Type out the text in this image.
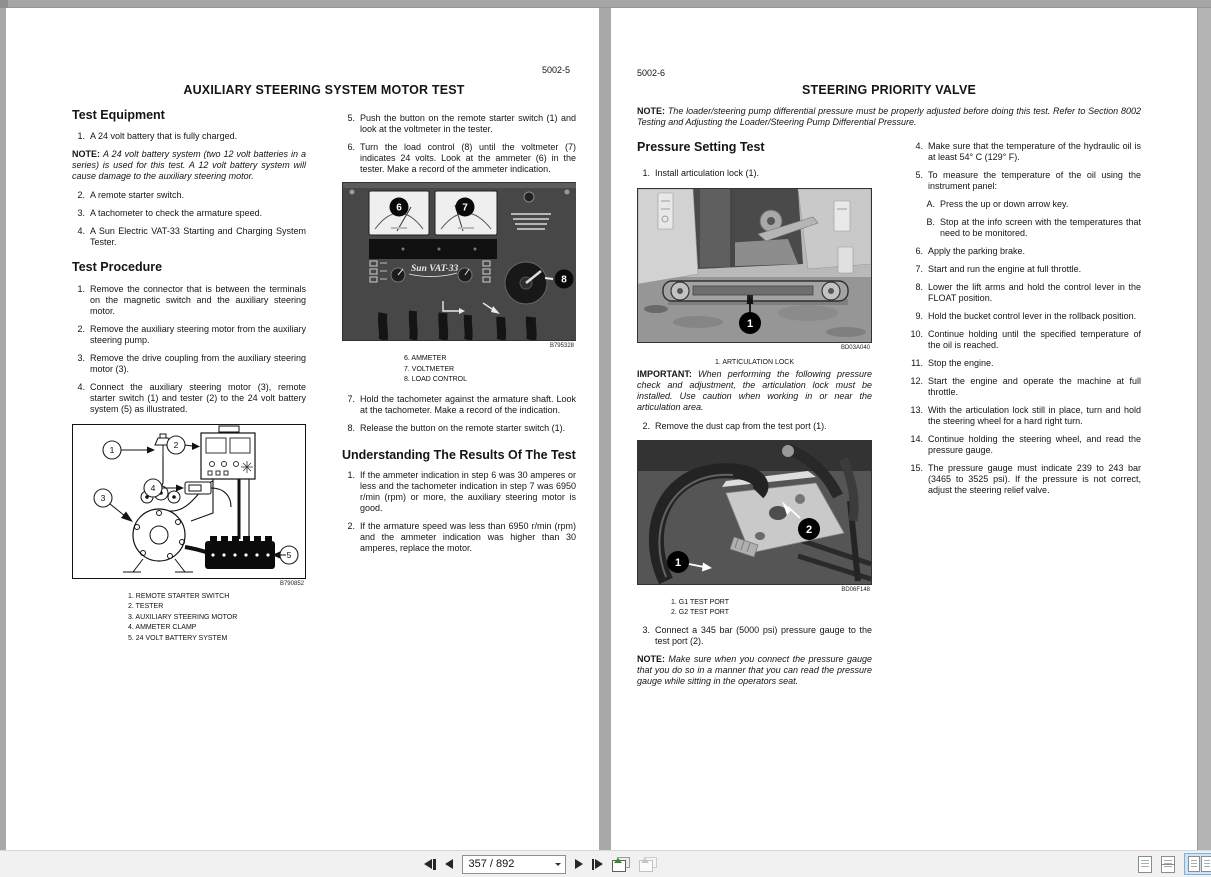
5002-5
AUXILIARY STEERING SYSTEM MOTOR TEST
Test Equipment
1. A 24 volt battery that is fully charged.

NOTE: A 24 volt battery system (two 12 volt batteries in a series) is used for this test. A 12 volt battery system will cause damage to the auxiliary steering motor.

2. A remote starter switch.
3. A tachometer to check the armature speed.
4. A Sun Electric VAT-33 Starting and Charging System Tester.
Test Procedure
1. Remove the connector that is between the terminals on the magnetic switch and the auxiliary steering motor.
2. Remove the auxiliary steering motor from the auxiliary steering pump.
3. Remove the drive coupling from the auxiliary steering motor (3).
4. Connect the auxiliary steering motor (3), remote starter switch (1) and tester (2) to the 24 volt battery system (5) as illustrated.
1	2
3
4
5
B790852
1. REMOTE STARTER SWITCH
2. TESTER
3. AUXILIARY STEERING MOTOR
4. AMMETER CLAMP
5. 24 VOLT BATTERY SYSTEM
5. Push the button on the remote starter switch (1) and look at the voltmeter in the tester.
6. Turn the load control (8) until the voltmeter (7) indicates 24 volts. Look at the ammeter (6) in the tester. Make a record of the ammeter indication.
Sun VAT-33
6	7
8
B795328
6. AMMETER
7. VOLTMETER
8. LOAD CONTROL
7. Hold the tachometer against the armature shaft. Look at the tachometer. Make a record of the indication.
8. Release the button on the remote starter switch (1).
Understanding The Results Of The Test
1. If the ammeter indication in step 6 was 30 amperes or less and the tachometer indication in step 7 was 6950 r/min (rpm) or more, the auxiliary steering motor is good.
2. If the armature speed was less than 6950 r/min (rpm) and the ammeter indication was higher than 30 amperes, replace the motor.
5002-6
STEERING PRIORITY VALVE
NOTE: The loader/steering pump differential pressure must be properly adjusted before doing this test. Refer to Section 8002 Testing and Adjusting the Loader/Steering Pump Differential Pressure.
Pressure Setting Test
1. Install articulation lock (1).
1
BD03A040
1. ARTICULATION LOCK

IMPORTANT: When performing the following pressure check and adjustment, the articulation lock must be installed. Use caution when working in or near the articulation area.

2. Remove the dust cap from the test port (1).
2
1
BD06F148
1. G1 TEST PORT
2. G2 TEST PORT
3. Connect a 345 bar (5000 psi) pressure gauge to the test port (2).

NOTE: Make sure when you connect the pressure gauge that you do so in a manner that you can read the pressure gauge while sitting in the operators seat.

4. Make sure that the temperature of the hydraulic oil is at least 54° C (129° F).
5. To measure the temperature of the oil using the instrument panel:
A. Press the up or down arrow key.
B. Stop at the info screen with the temperatures that need to be monitored.
6. Apply the parking brake.
7. Start and run the engine at full throttle.
8. Lower the lift arms and hold the control lever in the FLOAT position.
9. Hold the bucket control lever in the rollback position.
10. Continue holding until the specified temperature of the oil is reached.
11. Stop the engine.
12. Start the engine and operate the machine at full throttle.
13. With the articulation lock still in place, turn and hold the steering wheel for a hard right turn.
14. Continue holding the steering wheel, and read the pressure gauge.
15. The pressure gauge must indicate 239 to 243 bar (3465 to 3525 psi). If the pressure is not correct, adjust the steering relief valve.
357 / 892
